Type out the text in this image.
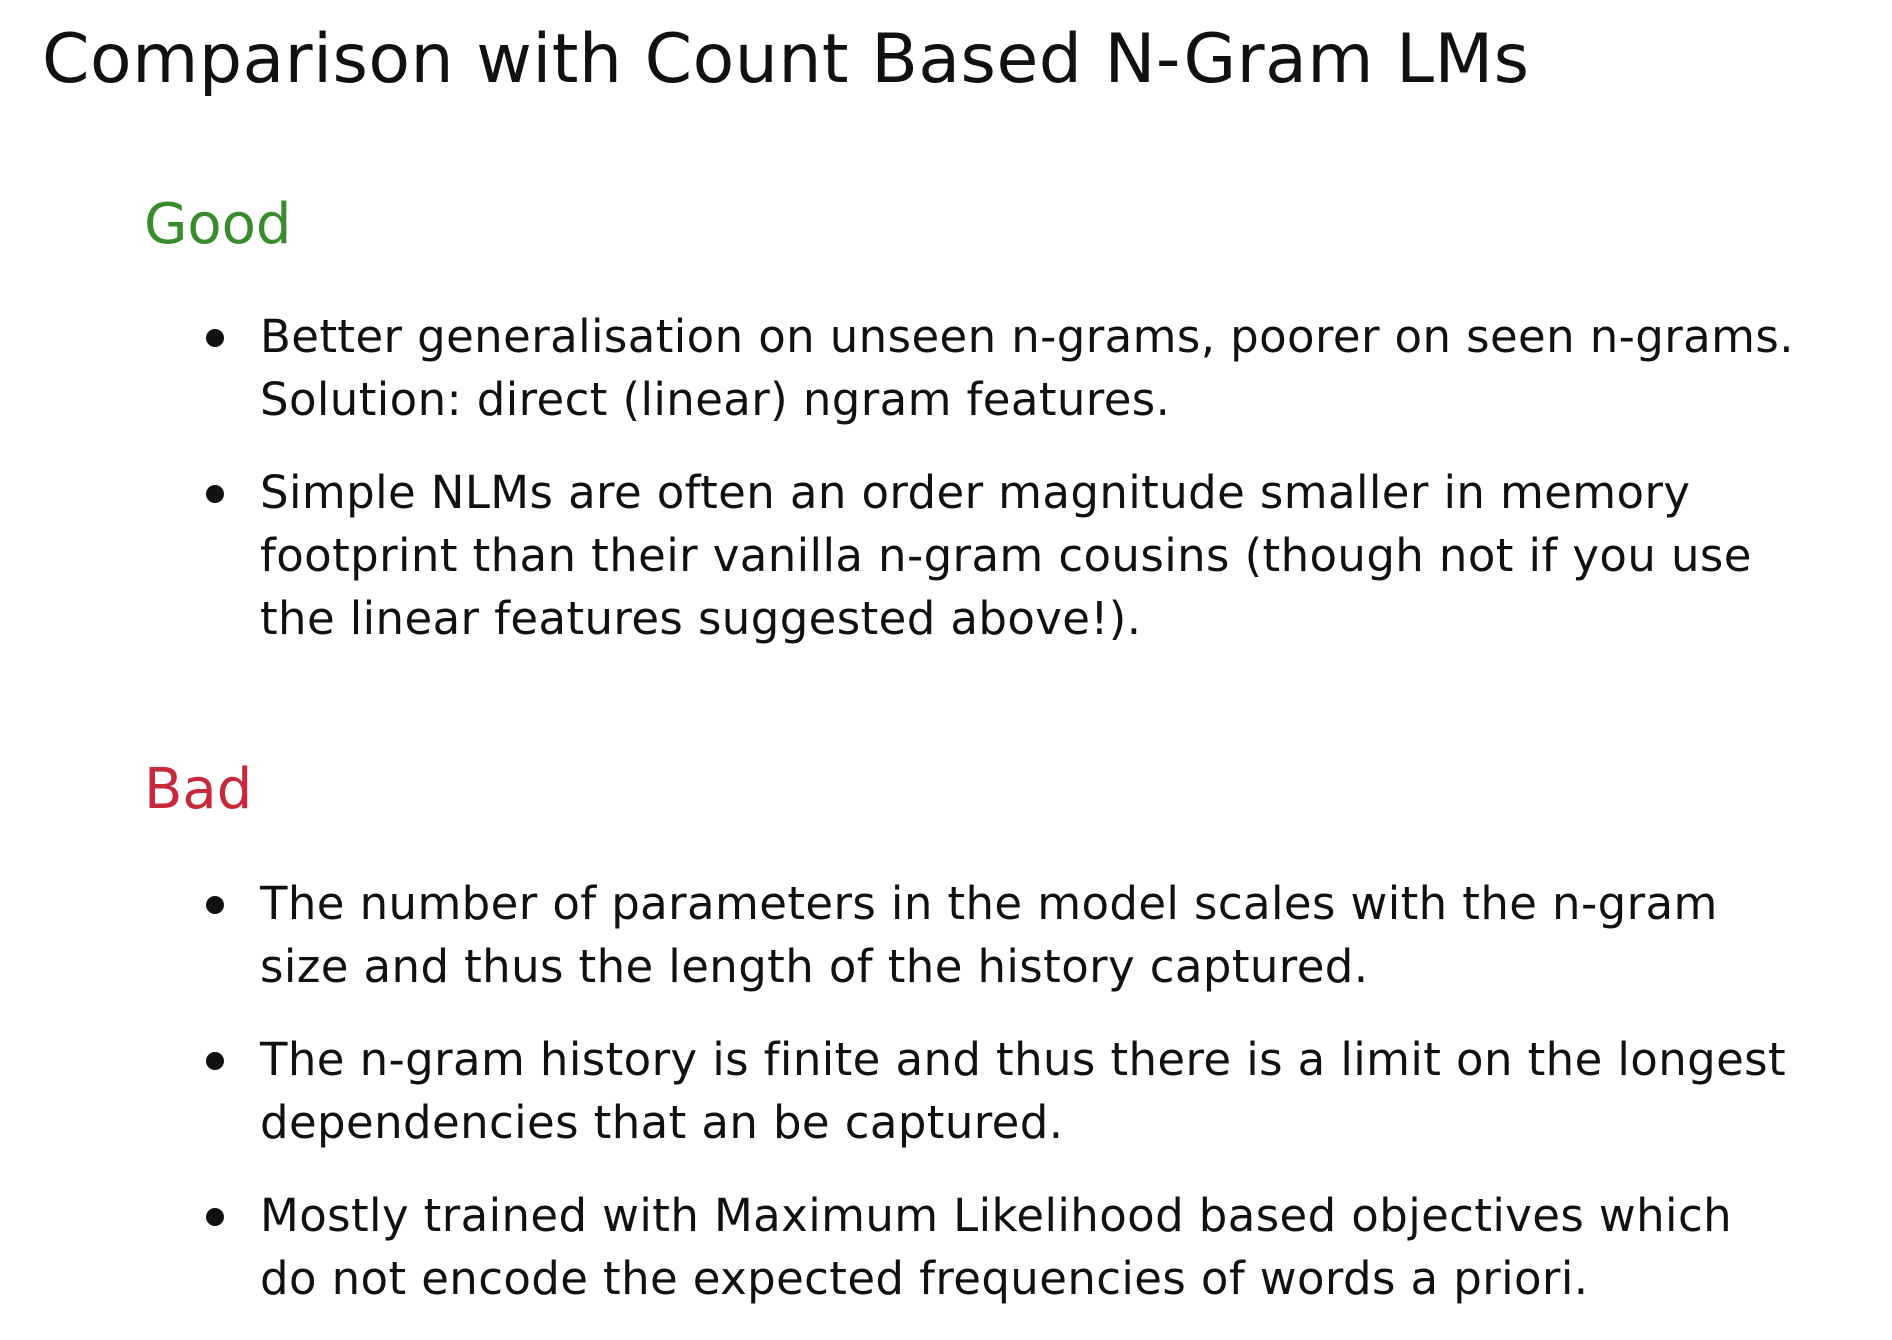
Comparison with Count Based N-Gram LMs
Good
Better generalisation on unseen n-grams, poorer on seen n-grams. Solution: direct (linear) ngram features.
Simple NLMs are often an order magnitude smaller in memory footprint than their vanilla n-gram cousins (though not if you use the linear features suggested above!).
Bad
The number of parameters in the model scales with the n-gram size and thus the length of the history captured.
The n-gram history is finite and thus there is a limit on the longest dependencies that an be captured.
Mostly trained with Maximum Likelihood based objectives which do not encode the expected frequencies of words a priori.
